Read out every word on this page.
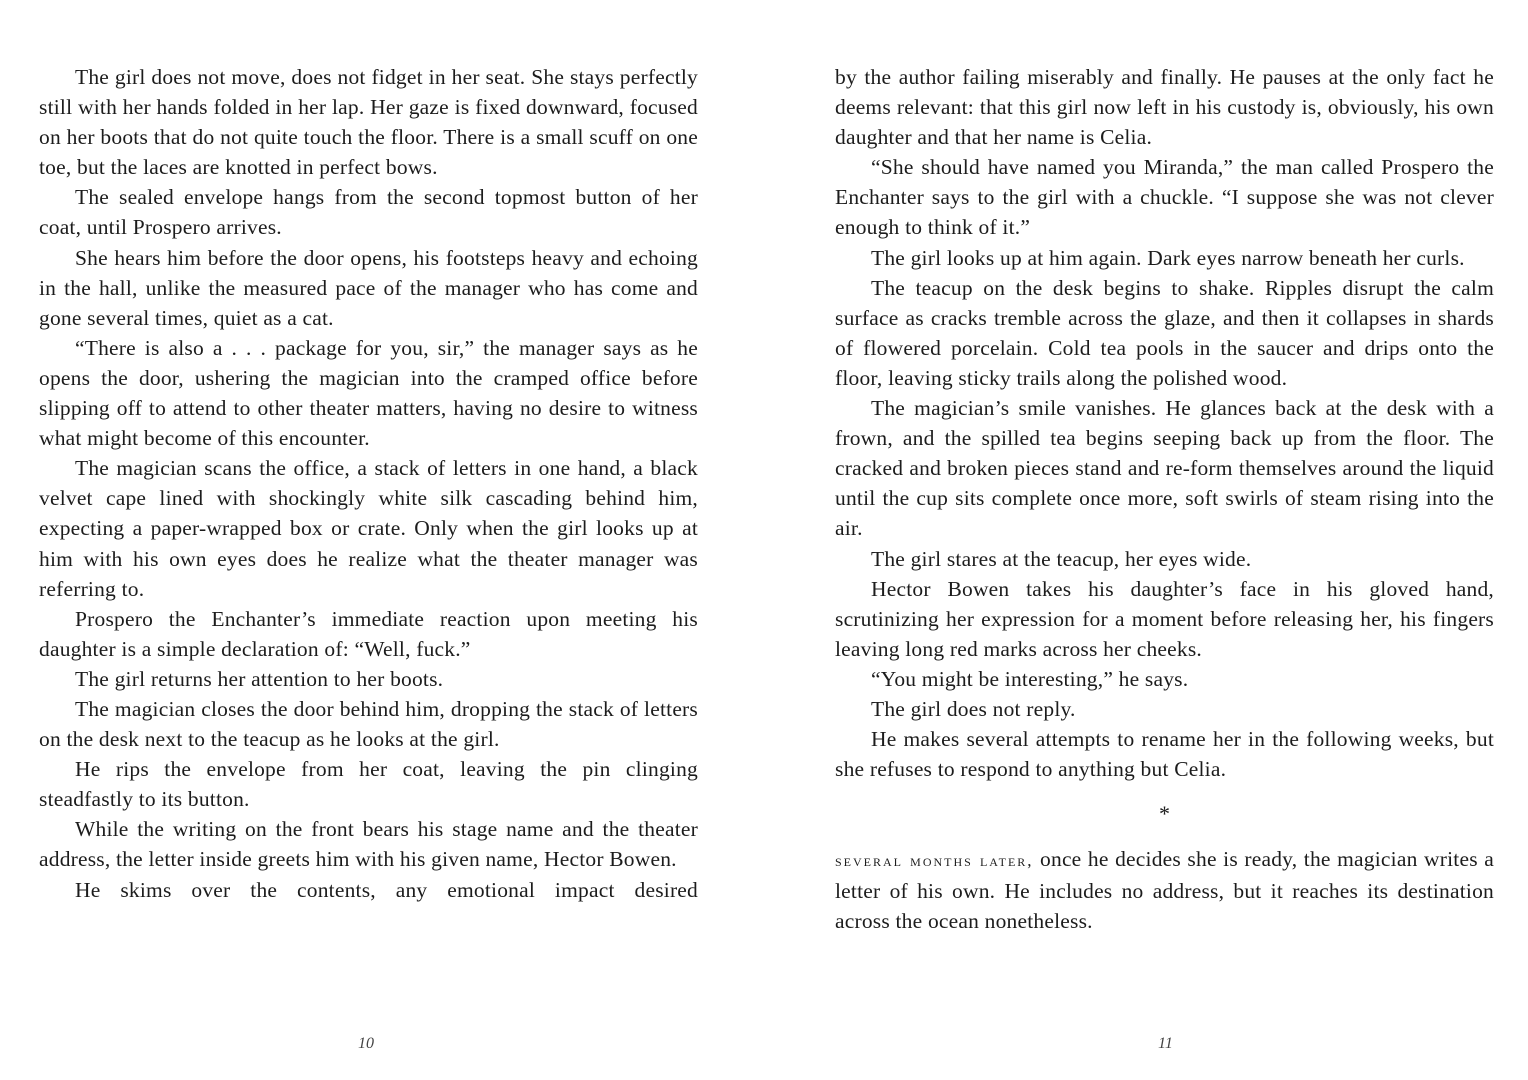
The girl does not move, does not fidget in her seat. She stays perfectly still with her hands folded in her lap. Her gaze is fixed downward, focused on her boots that do not quite touch the floor. There is a small scuff on one toe, but the laces are knotted in perfect bows.

The sealed envelope hangs from the second topmost button of her coat, until Prospero arrives.

She hears him before the door opens, his footsteps heavy and echoing in the hall, unlike the measured pace of the manager who has come and gone several times, quiet as a cat.

“There is also a . . . package for you, sir,” the manager says as he opens the door, ushering the magician into the cramped office before slipping off to attend to other theater matters, having no desire to witness what might become of this encounter.

The magician scans the office, a stack of letters in one hand, a black velvet cape lined with shockingly white silk cascading behind him, expecting a paper-wrapped box or crate. Only when the girl looks up at him with his own eyes does he realize what the theater manager was referring to.

Prospero the Enchanter’s immediate reaction upon meeting his daughter is a simple declaration of: “Well, fuck.”

The girl returns her attention to her boots.

The magician closes the door behind him, dropping the stack of letters on the desk next to the teacup as he looks at the girl.

He rips the envelope from her coat, leaving the pin clinging steadfastly to its button.

While the writing on the front bears his stage name and the theater address, the letter inside greets him with his given name, Hector Bowen.

He skims over the contents, any emotional impact desired

by the author failing miserably and finally. He pauses at the only fact he deems relevant: that this girl now left in his custody is, obviously, his own daughter and that her name is Celia.

“She should have named you Miranda,” the man called Prospero the Enchanter says to the girl with a chuckle. “I suppose she was not clever enough to think of it.”

The girl looks up at him again. Dark eyes narrow beneath her curls.

The teacup on the desk begins to shake. Ripples disrupt the calm surface as cracks tremble across the glaze, and then it collapses in shards of flowered porcelain. Cold tea pools in the saucer and drips onto the floor, leaving sticky trails along the polished wood.

The magician’s smile vanishes. He glances back at the desk with a frown, and the spilled tea begins seeping back up from the floor. The cracked and broken pieces stand and re-form themselves around the liquid until the cup sits complete once more, soft swirls of steam rising into the air.

The girl stares at the teacup, her eyes wide.

Hector Bowen takes his daughter’s face in his gloved hand, scrutinizing her expression for a moment before releasing her, his fingers leaving long red marks across her cheeks.

“You might be interesting,” he says.

The girl does not reply.

He makes several attempts to rename her in the following weeks, but she refuses to respond to anything but Celia.

*

several months later, once he decides she is ready, the magician writes a letter of his own. He includes no address, but it reaches its destination across the ocean nonetheless.

10	11
